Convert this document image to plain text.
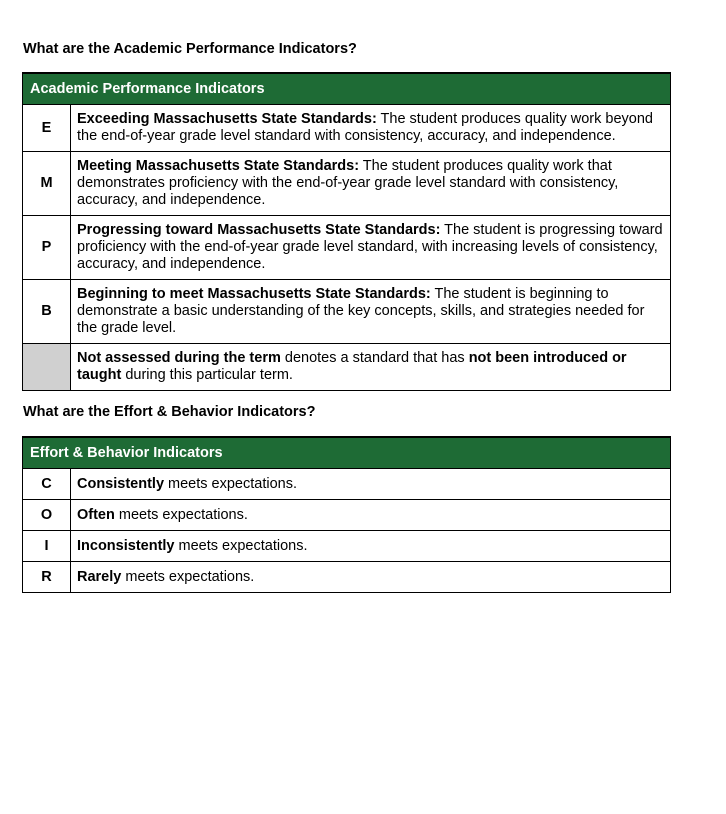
What are the Academic Performance Indicators?
Academic Performance Indicators	
E	Exceeding Massachusetts State Standards: The student produces quality work beyond the end-of-year grade level standard with consistency, accuracy, and independence.
M	Meeting Massachusetts State Standards: The student produces quality work that demonstrates proficiency with the end-of-year grade level standard with consistency, accuracy, and independence.
P	Progressing toward Massachusetts State Standards: The student is progressing toward proficiency with the end-of-year grade level standard, with increasing levels of consistency, accuracy, and independence.
B	Beginning to meet Massachusetts State Standards: The student is beginning to demonstrate a basic understanding of the key concepts, skills, and strategies needed for the grade level.
	Not assessed during the term denotes a standard that has not been introduced or taught during this particular term.
What are the Effort & Behavior Indicators?
Effort & Behavior Indicators	
C	Consistently meets expectations.
O	Often meets expectations.
I	Inconsistently meets expectations.
R	Rarely meets expectations.
